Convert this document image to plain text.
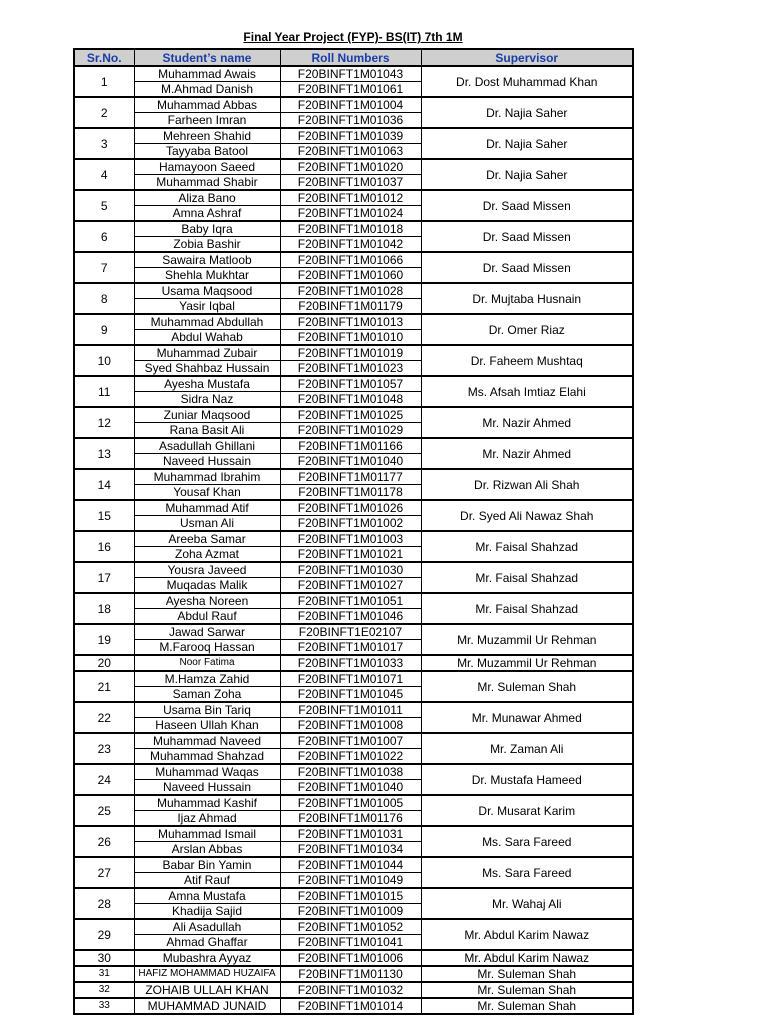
Final Year Project (FYP)- BS(IT) 7th 1M
Sr.No.	Student’s name	Roll Numbers	Supervisor
1	Muhammad Awais	F20BINFT1M01043	Dr. Dost Muhammad Khan
	M.Ahmad Danish	F20BINFT1M01061	
2	Muhammad Abbas	F20BINFT1M01004	Dr. Najia Saher
	Farheen Imran	F20BINFT1M01036	
3	Mehreen Shahid	F20BINFT1M01039	Dr. Najia Saher
	Tayyaba Batool	F20BINFT1M01063	
4	Hamayoon Saeed	F20BINFT1M01020	Dr. Najia Saher
	Muhammad Shabir	F20BINFT1M01037	
5	Aliza Bano	F20BINFT1M01012	Dr. Saad Missen
	Amna Ashraf	F20BINFT1M01024	
6	Baby Iqra	F20BINFT1M01018	Dr. Saad Missen
	Zobia Bashir	F20BINFT1M01042	
7	Sawaira Matloob	F20BINFT1M01066	Dr. Saad Missen
	Shehla Mukhtar	F20BINFT1M01060	
8	Usama Maqsood	F20BINFT1M01028	Dr. Mujtaba Husnain
	Yasir Iqbal	F20BINFT1M01179	
9	Muhammad Abdullah	F20BINFT1M01013	Dr. Omer Riaz
	Abdul Wahab	F20BINFT1M01010	
10	Muhammad Zubair	F20BINFT1M01019	Dr. Faheem Mushtaq
	Syed Shahbaz Hussain	F20BINFT1M01023	
11	Ayesha Mustafa	F20BINFT1M01057	Ms. Afsah Imtiaz Elahi
	Sidra Naz	F20BINFT1M01048	
12	Zuniar Maqsood	F20BINFT1M01025	Mr. Nazir Ahmed
	Rana Basit Ali	F20BINFT1M01029	
13	Asadullah Ghillani	F20BINFT1M01166	Mr. Nazir Ahmed
	Naveed Hussain	F20BINFT1M01040	
14	Muhammad Ibrahim	F20BINFT1M01177	Dr. Rizwan Ali Shah
	Yousaf Khan	F20BINFT1M01178	
15	Muhammad Atif	F20BINFT1M01026	Dr. Syed Ali Nawaz Shah
	Usman Ali	F20BINFT1M01002	
16	Areeba Samar	F20BINFT1M01003	Mr. Faisal Shahzad
	Zoha Azmat	F20BINFT1M01021	
17	Yousra Javeed	F20BINFT1M01030	Mr. Faisal Shahzad
	Muqadas Malik	F20BINFT1M01027	
18	Ayesha Noreen	F20BINFT1M01051	Mr. Faisal Shahzad
	Abdul Rauf	F20BINFT1M01046	
19	Jawad Sarwar	F20BINFT1E02107	Mr. Muzammil Ur Rehman
	M.Farooq Hassan	F20BINFT1M01017	
20	Noor Fatima	F20BINFT1M01033	Mr. Muzammil Ur Rehman
21	M.Hamza Zahid	F20BINFT1M01071	Mr. Suleman Shah
	Saman Zoha	F20BINFT1M01045	
22	Usama Bin Tariq	F20BINFT1M01011	Mr. Munawar Ahmed
	Haseen Ullah Khan	F20BINFT1M01008	
23	Muhammad Naveed	F20BINFT1M01007	Mr. Zaman Ali
	Muhammad Shahzad	F20BINFT1M01022	
24	Muhammad Waqas	F20BINFT1M01038	Dr. Mustafa Hameed
	Naveed Hussain	F20BINFT1M01040	
25	Muhammad Kashif	F20BINFT1M01005	Dr. Musarat Karim
	Ijaz Ahmad	F20BINFT1M01176	
26	Muhammad Ismail	F20BINFT1M01031	Ms. Sara Fareed
	Arslan Abbas	F20BINFT1M01034	
27	Babar Bin Yamin	F20BINFT1M01044	Ms. Sara Fareed
	Atif Rauf	F20BINFT1M01049	
28	Amna Mustafa	F20BINFT1M01015	Mr. Wahaj Ali
	Khadija Sajid	F20BINFT1M01009	
29	Ali Asadullah	F20BINFT1M01052	Mr. Abdul Karim Nawaz
	Ahmad Ghaffar	F20BINFT1M01041	
30	Mubashra Ayyaz	F20BINFT1M01006	Mr. Abdul Karim Nawaz
31	HAFIZ MOHAMMAD HUZAIFA	F20BINFT1M01130	Mr. Suleman Shah
32	ZOHAIB ULLAH KHAN	F20BINFT1M01032	Mr. Suleman Shah
33	MUHAMMAD JUNAID	F20BINFT1M01014	Mr. Suleman Shah
